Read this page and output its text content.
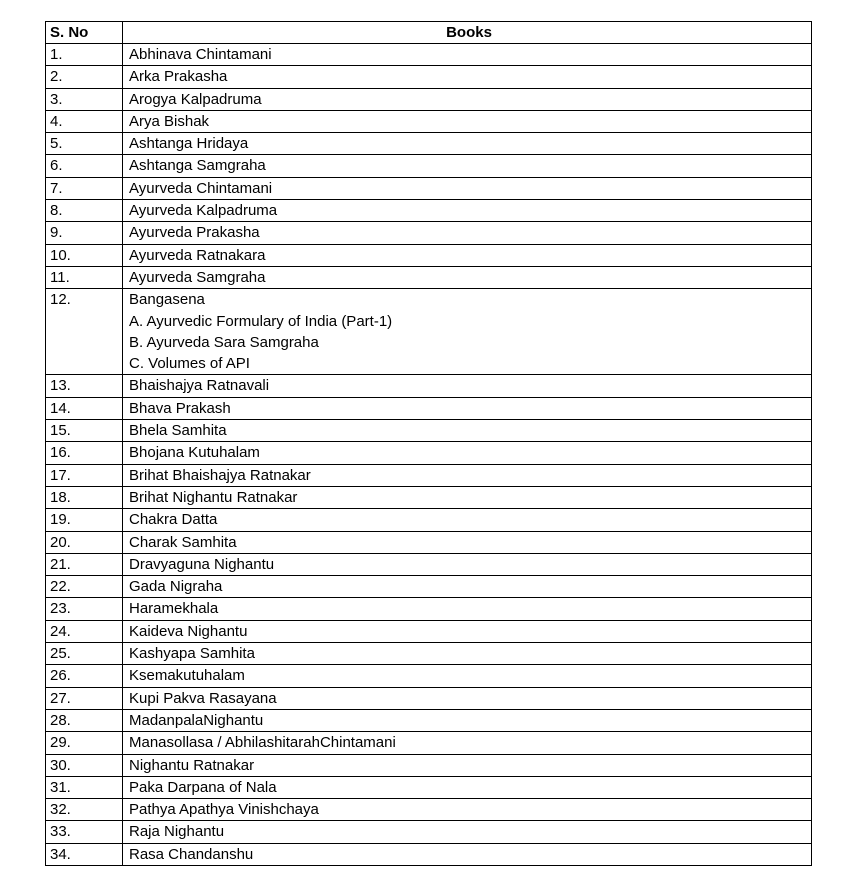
S. No	Books
1.	Abhinava Chintamani

2.	Arka Prakasha

3.	Arogya Kalpadruma

4.	Arya Bishak

5.	Ashtanga Hridaya

6.	Ashtanga Samgraha

7.	Ayurveda Chintamani

8.	Ayurveda Kalpadruma

9.	Ayurveda Prakasha

10.	Ayurveda Ratnakara

11.	Ayurveda Samgraha

12.	Bangasena
A. Ayurvedic Formulary of India (Part-1)
B. Ayurveda Sara Samgraha
C. Volumes of API

13.	Bhaishajya Ratnavali

14.	Bhava Prakash

15.	Bhela Samhita

16.	Bhojana Kutuhalam

17.	Brihat Bhaishajya Ratnakar

18.	Brihat Nighantu Ratnakar

19.	Chakra Datta

20.	Charak Samhita

21.	Dravyaguna Nighantu

22.	Gada Nigraha

23.	Haramekhala

24.	Kaideva Nighantu

25.	Kashyapa Samhita

26.	Ksemakutuhalam

27.	Kupi Pakva Rasayana

28.	MadanpalaNighantu

29.	Manasollasa / AbhilashitarahChintamani

30.	Nighantu Ratnakar

31.	Paka Darpana of Nala

32.	Pathya Apathya Vinishchaya

33.	Raja Nighantu

34.	Rasa Chandanshu
